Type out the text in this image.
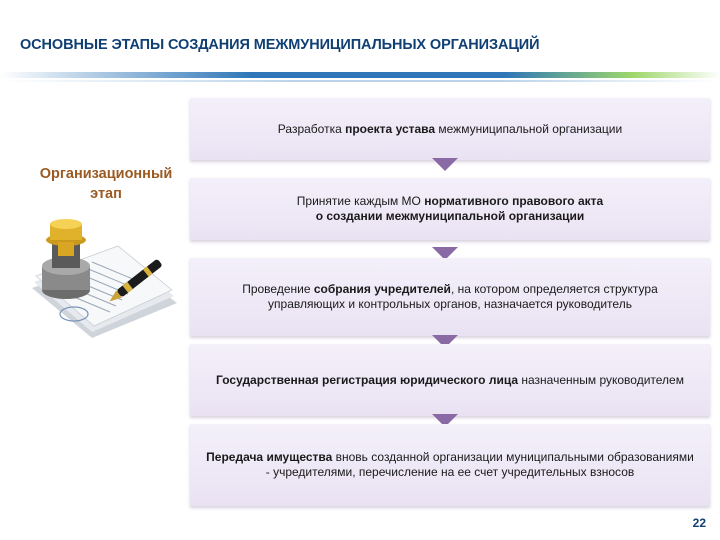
ОСНОВНЫЕ ЭТАПЫ СОЗДАНИЯ МЕЖМУНИЦИПАЛЬНЫХ ОРГАНИЗАЦИЙ
Организационный
этап
Разработка проекта устава межмуниципальной организации
Принятие каждым МО нормативного правового акта
о создании межмуниципальной организации
Проведение собрания учредителей, на котором определяется структура управляющих и контрольных органов, назначается руководитель
Государственная регистрация юридического лица назначенным руководителем
Передача имущества вновь созданной организации муниципальными образованиями - учредителями, перечисление на ее счет учредительных взносов
22
